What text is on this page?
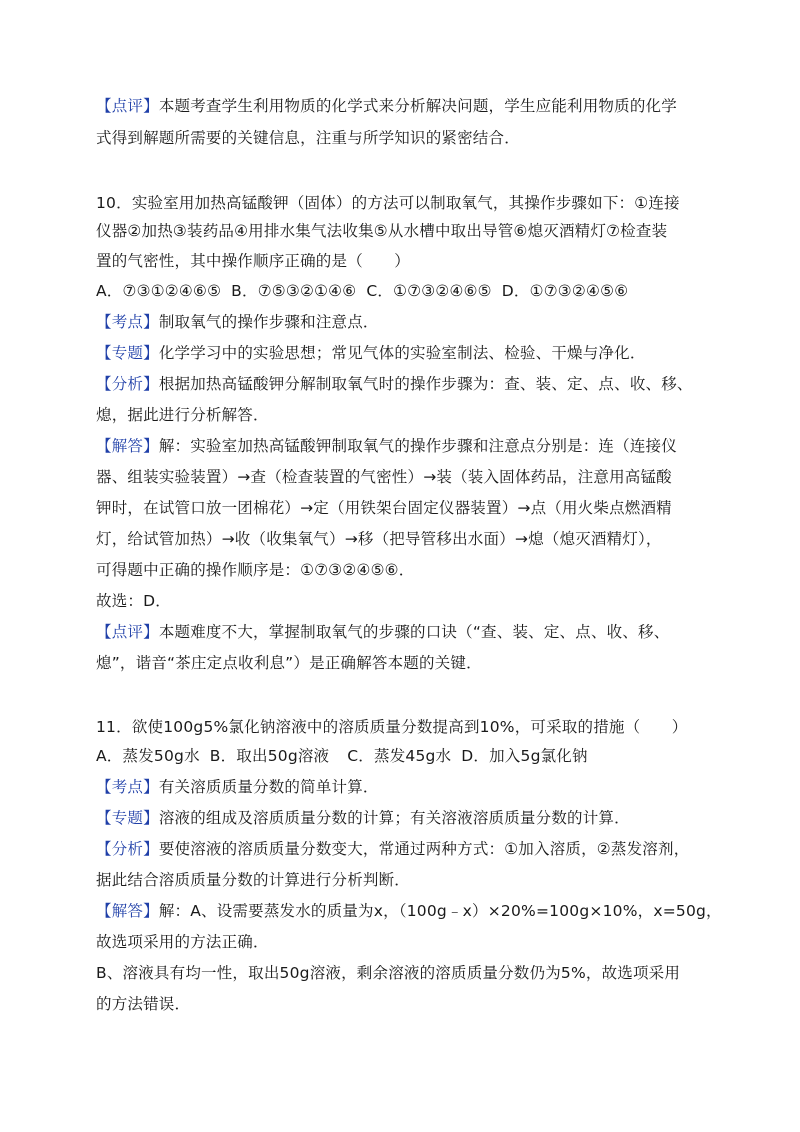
【点评】本题考查学生利用物质的化学式来分析解决问题，学生应能利用物质的化学
式得到解题所需要的关键信息，注重与所学知识的紧密结合．
10．实验室用加热高锰酸钾（固体）的方法可以制取氧气，其操作步骤如下：①连接
仪器②加热③装药品④用排水集气法收集⑤从水槽中取出导管⑥熄灭酒精灯⑦检查装
置的气密性，其中操作顺序正确的是（　　）
A．⑦③①②④⑥⑤ B．⑦⑤③②①④⑥ C．①⑦③②④⑥⑤ D．①⑦③②④⑤⑥
【考点】制取氧气的操作步骤和注意点．
【专题】化学学习中的实验思想；常见气体的实验室制法、检验、干燥与净化．
【分析】根据加热高锰酸钾分解制取氧气时的操作步骤为：查、装、定、点、收、移、
熄，据此进行分析解答．
【解答】解：实验室加热高锰酸钾制取氧气的操作步骤和注意点分别是：连（连接仪
器、组装实验装置）→查（检查装置的气密性）→装（装入固体药品，注意用高锰酸
钾时，在试管口放一团棉花）→定（用铁架台固定仪器装置）→点（用火柴点燃酒精
灯，给试管加热）→收（收集氧气）→移（把导管移出水面）→熄（熄灭酒精灯），
可得题中正确的操作顺序是：①⑦③②④⑤⑥．
故选：D．
【点评】本题难度不大，掌握制取氧气的步骤的口诀（“查、装、定、点、收、移、
熄”，谐音“茶庄定点收利息”）是正确解答本题的关键．
11．欲使100g5%氯化钠溶液中的溶质质量分数提高到10%，可采取的措施（　　）
A．蒸发50g水 B．取出50g溶液 C．蒸发45g水 D．加入5g氯化钠
【考点】有关溶质质量分数的简单计算．
【专题】溶液的组成及溶质质量分数的计算；有关溶液溶质质量分数的计算．
【分析】要使溶液的溶质质量分数变大，常通过两种方式：①加入溶质，②蒸发溶剂，
据此结合溶质质量分数的计算进行分析判断．
【解答】解：A、设需要蒸发水的质量为x，（100g﹣x）×20%=100g×10%，x=50g，
故选项采用的方法正确．
B、溶液具有均一性，取出50g溶液，剩余溶液的溶质质量分数仍为5%，故选项采用
的方法错误．
